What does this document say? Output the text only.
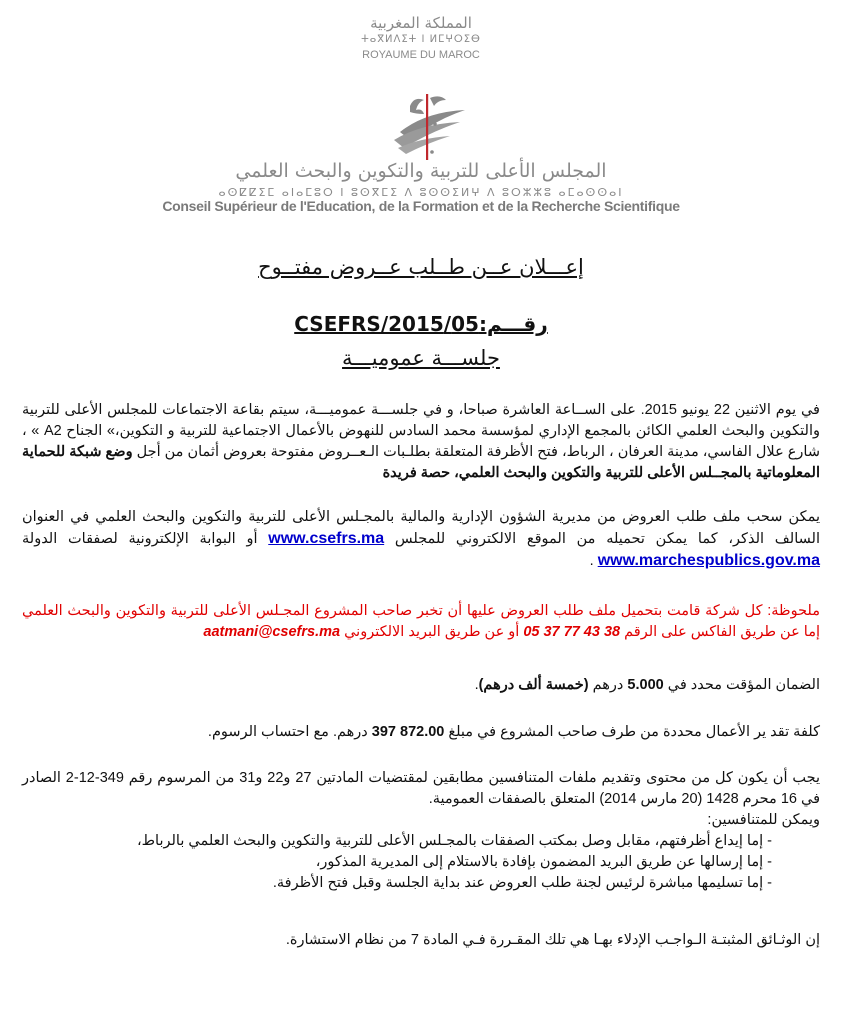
المملكة المغربية
ⵜⴰⴳⵍⴷⵉⵜ ⵏ ⵍⵎⵖⵔⵉⴱ
ROYAUME DU MAROC
المجلس الأعلى للتربية والتكوين والبحث العلمي
ⴰⵙⵇⵇⵉⵎ ⴰⵏⴰⵎⵓⵔ ⵏ ⵓⵙⴳⵎⵉ ⴷ ⵓⵙⵙⵉⵍⵖ ⴷ ⵓⵔⵣⵣⵓ ⴰⵎⴰⵙⵙⴰⵏ
Conseil Supérieur de l'Education, de la Formation et de la Recherche Scientifique
إعـــلان عــن طــلب عــروض مفتــوح
رقـــم:05/CSEFRS/2015
جلســـة عموميـــة
في يوم الاثنين 22 يونيو 2015. على الســاعة العاشرة صباحا، و في جلســـة عموميـــة، سيتم بقاعة الاجتماعات للمجلس الأعلى للتربية والتكوين والبحث العلمي الكائن بالمجمع الإداري لمؤسسة محمد السادس للنهوض بالأعمال الاجتماعية للتربية و التكوين،» الجناح A2 » ، شارع علال الفاسي، مدينة العرفان ، الرباط، فتح الأظرفة المتعلقة بطلـبات الـعــروض مفتوحة بعروض أثمان من أجل وضع شبكة للحماية المعلوماتية بالمجــلس الأعلى للتربية والتكوين والبحث العلمي، حصة فريدة
يمكن سحب ملف طلب العروض من مديرية الشؤون الإدارية والمالية بالمجـلس الأعلى للتربية والتكوين والبحث العلمي في العنوان السالف الذكر، كما يمكن تحميله من الموقع الالكتروني للمجلس www.csefrs.ma أو البوابة الإلكترونية لصفقات الدولة www.marchespublics.gov.ma .
ملحوظة: كل شركة قامت بتحميل ملف طلب العروض عليها أن تخبر صاحب المشروع المجـلس الأعلى للتربية والتكوين والبحث العلمي إما عن طريق الفاكس على الرقم 05 37 77 43 38 أو عن طريق البريد الالكتروني aatmani@csefrs.ma
الضمان المؤقت محدد في 5.000 درهم (خمسة ألف درهم).
كلفة تقد ير الأعمال محددة من طرف صاحب المشروع في مبلغ 397 872.00 درهم. مع احتساب الرسوم.
يجب أن يكون كل من محتوى وتقديم ملفات المتنافسين مطابقين لمقتضيات المادتين 27 و22 و31 من المرسوم رقم 349-12-2 الصادر في 16 محرم 1428 (20 مارس 2014) المتعلق بالصفقات العمومية.
ويمكن للمتنافسين:
- إما إيداع أظرفتهم، مقابل وصل بمكتب الصفقات بالمجـلس الأعلى للتربية والتكوين والبحث العلمي بالرباط،
- إما إرسالها عن طريق البريد المضمون بإفادة بالاستلام إلى المديرية المذكور،
- إما تسليمها مباشرة لرئيس لجنة طلب العروض عند بداية الجلسة وقبل فتح الأظرفة.
إن الوثـائق المثبتـة الـواجـب الإدلاء بهـا هي تلك المقـررة فـي المادة 7 من نظام الاستشارة.
